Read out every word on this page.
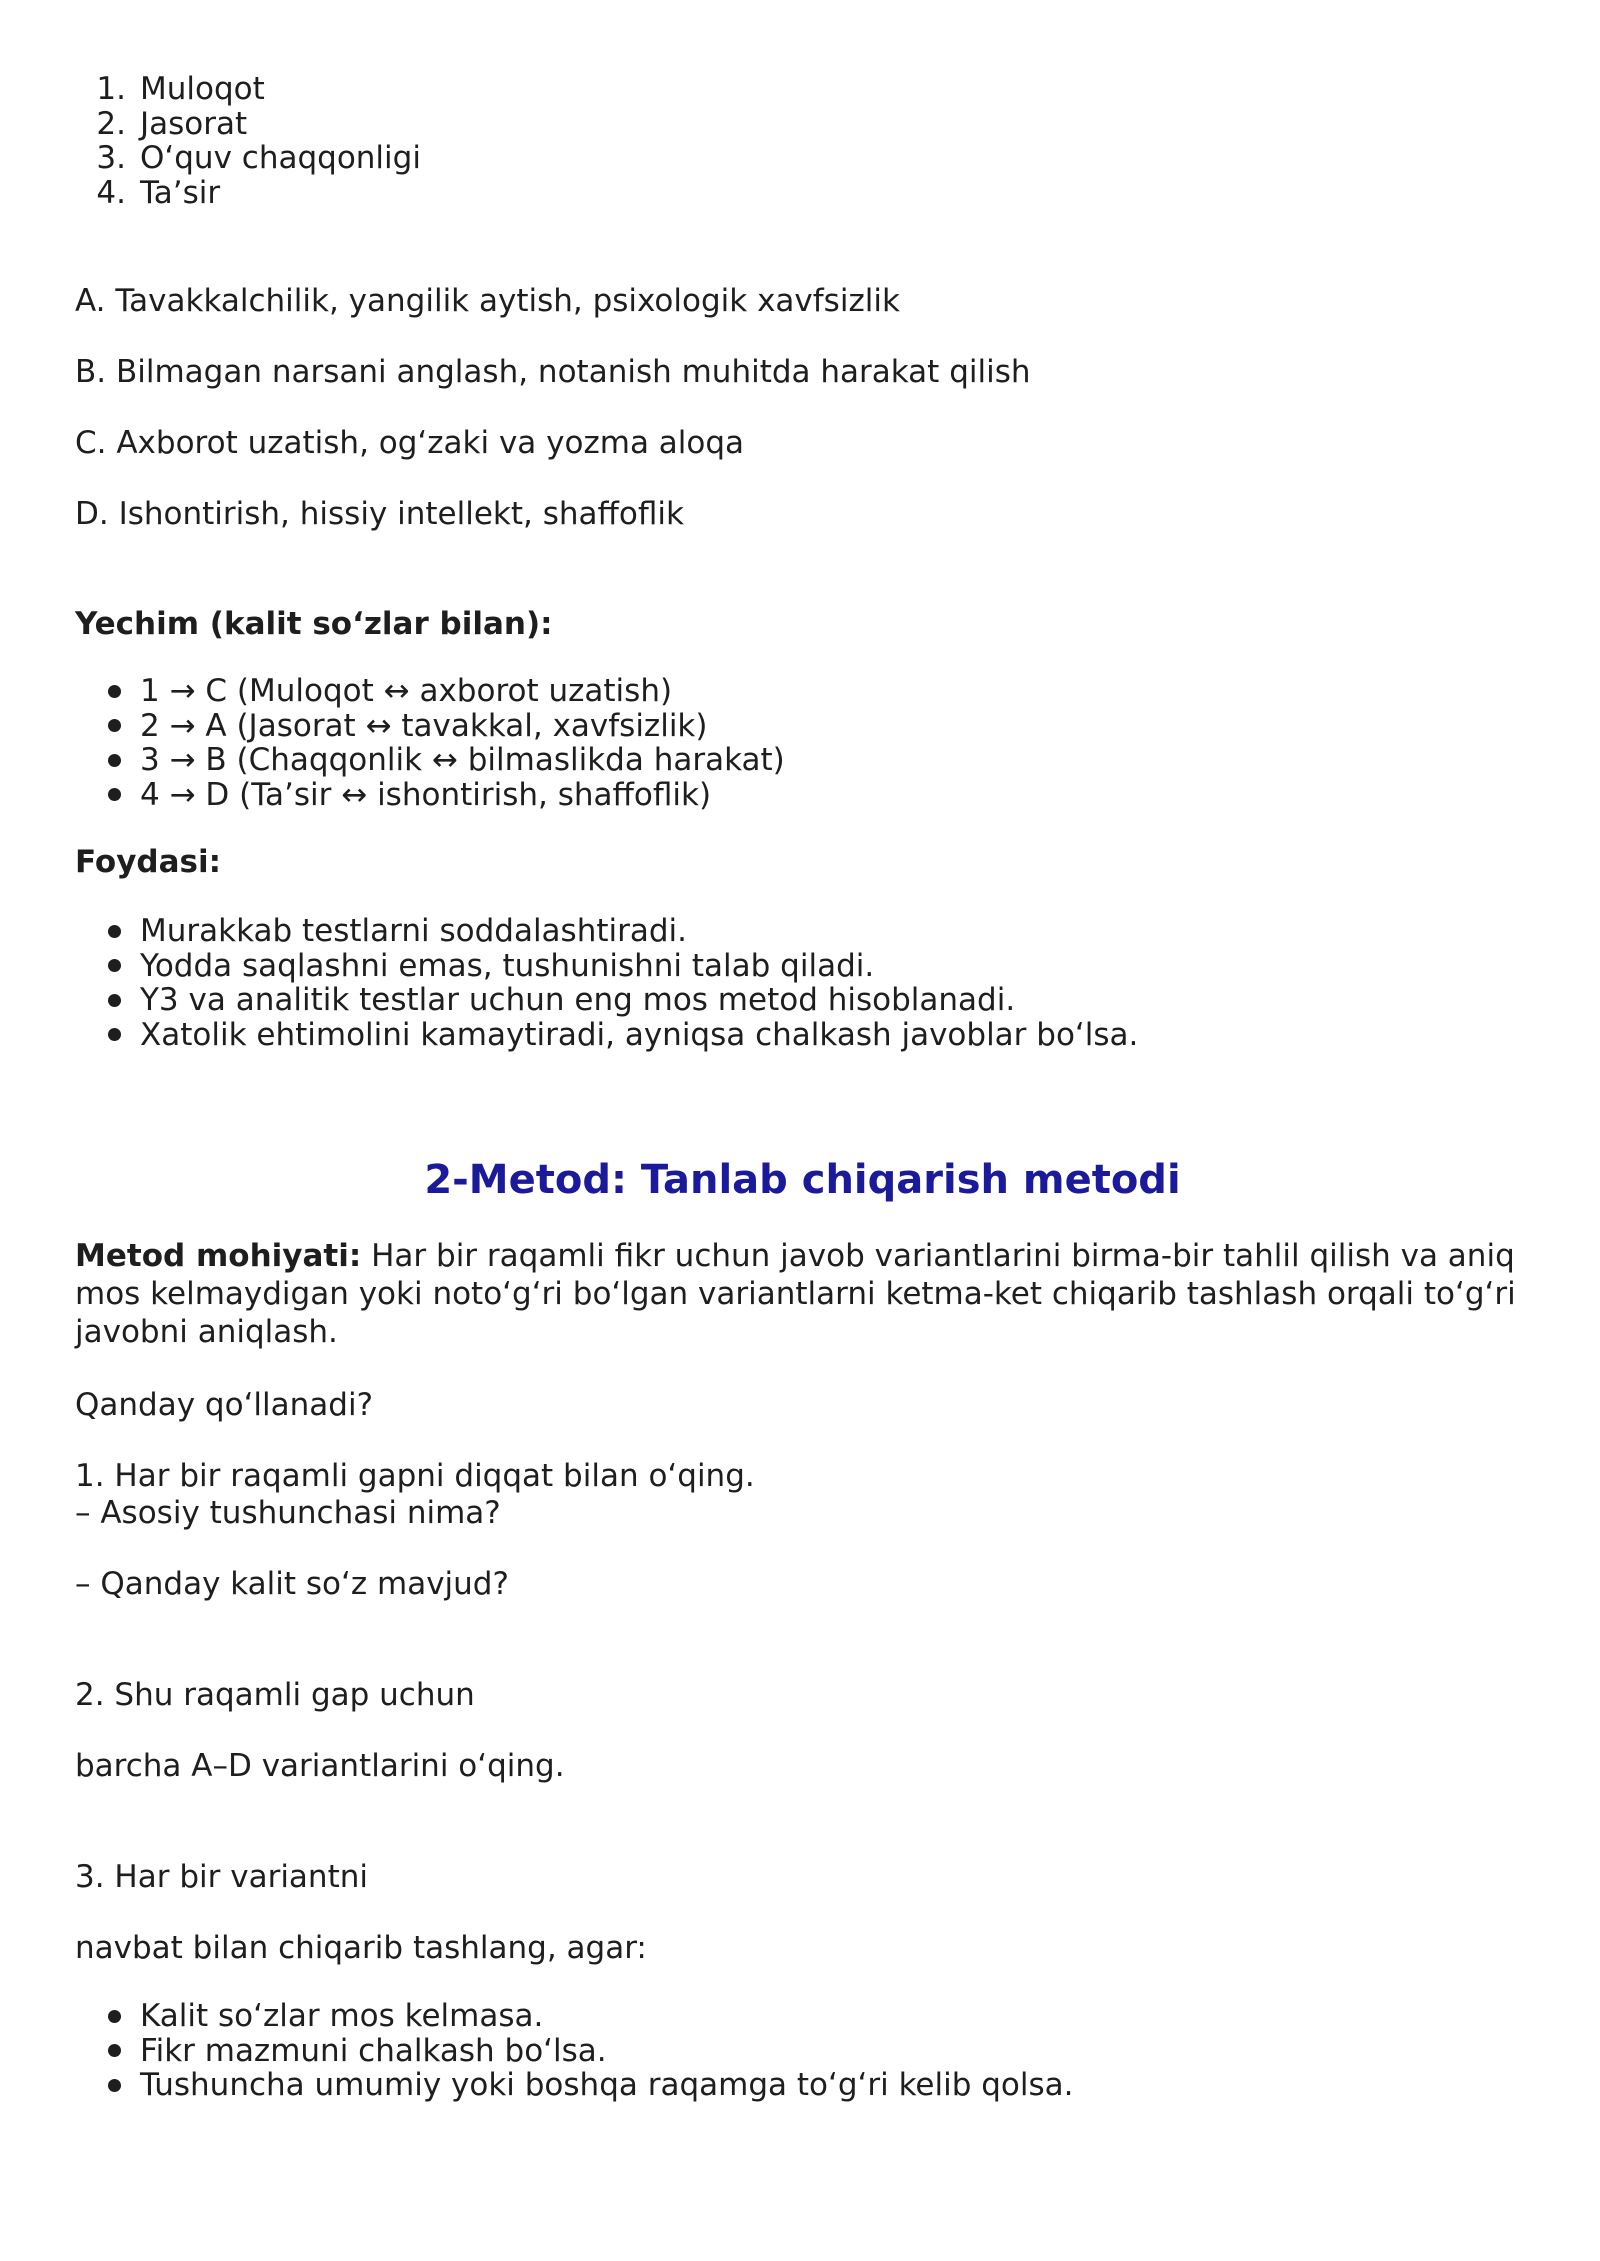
1. Muloqot
2. Jasorat
3. O‘quv chaqqonligi
4. Ta’sir

A. Tavakkalchilik, yangilik aytish, psixologik xavfsizlik

B. Bilmagan narsani anglash, notanish muhitda harakat qilish

C. Axborot uzatish, og‘zaki va yozma aloqa

D. Ishontirish, hissiy intellekt, shaffoflik

Yechim (kalit so‘zlar bilan):

1 → C (Muloqot ↔ axborot uzatish)
2 → A (Jasorat ↔ tavakkal, xavfsizlik)
3 → B (Chaqqonlik ↔ bilmaslikda harakat)
4 → D (Ta’sir ↔ ishontirish, shaffoflik)

Foydasi:

Murakkab testlarni soddalashtiradi.
Yodda saqlashni emas, tushunishni talab qiladi.
Y3 va analitik testlar uchun eng mos metod hisoblanadi.
Xatolik ehtimolini kamaytiradi, ayniqsa chalkash javoblar bo‘lsa.
2-Metod: Tanlab chiqarish metodi

Metod mohiyati: Har bir raqamli fikr uchun javob variantlarini birma-bir tahlil qilish va aniq mos kelmaydigan yoki noto‘g‘ri bo‘lgan variantlarni ketma-ket chiqarib tashlash orqali to‘g‘ri javobni aniqlash.

Qanday qo‘llanadi?

1. Har bir raqamli gapni diqqat bilan o‘qing.

– Asosiy tushunchasi nima?

– Qanday kalit so‘z mavjud?

2. Shu raqamli gap uchun

barcha A–D variantlarini o‘qing.

3. Har bir variantni

navbat bilan chiqarib tashlang, agar:

Kalit so‘zlar mos kelmasa.
Fikr mazmuni chalkash bo‘lsa.
Tushuncha umumiy yoki boshqa raqamga to‘g‘ri kelib qolsa.
